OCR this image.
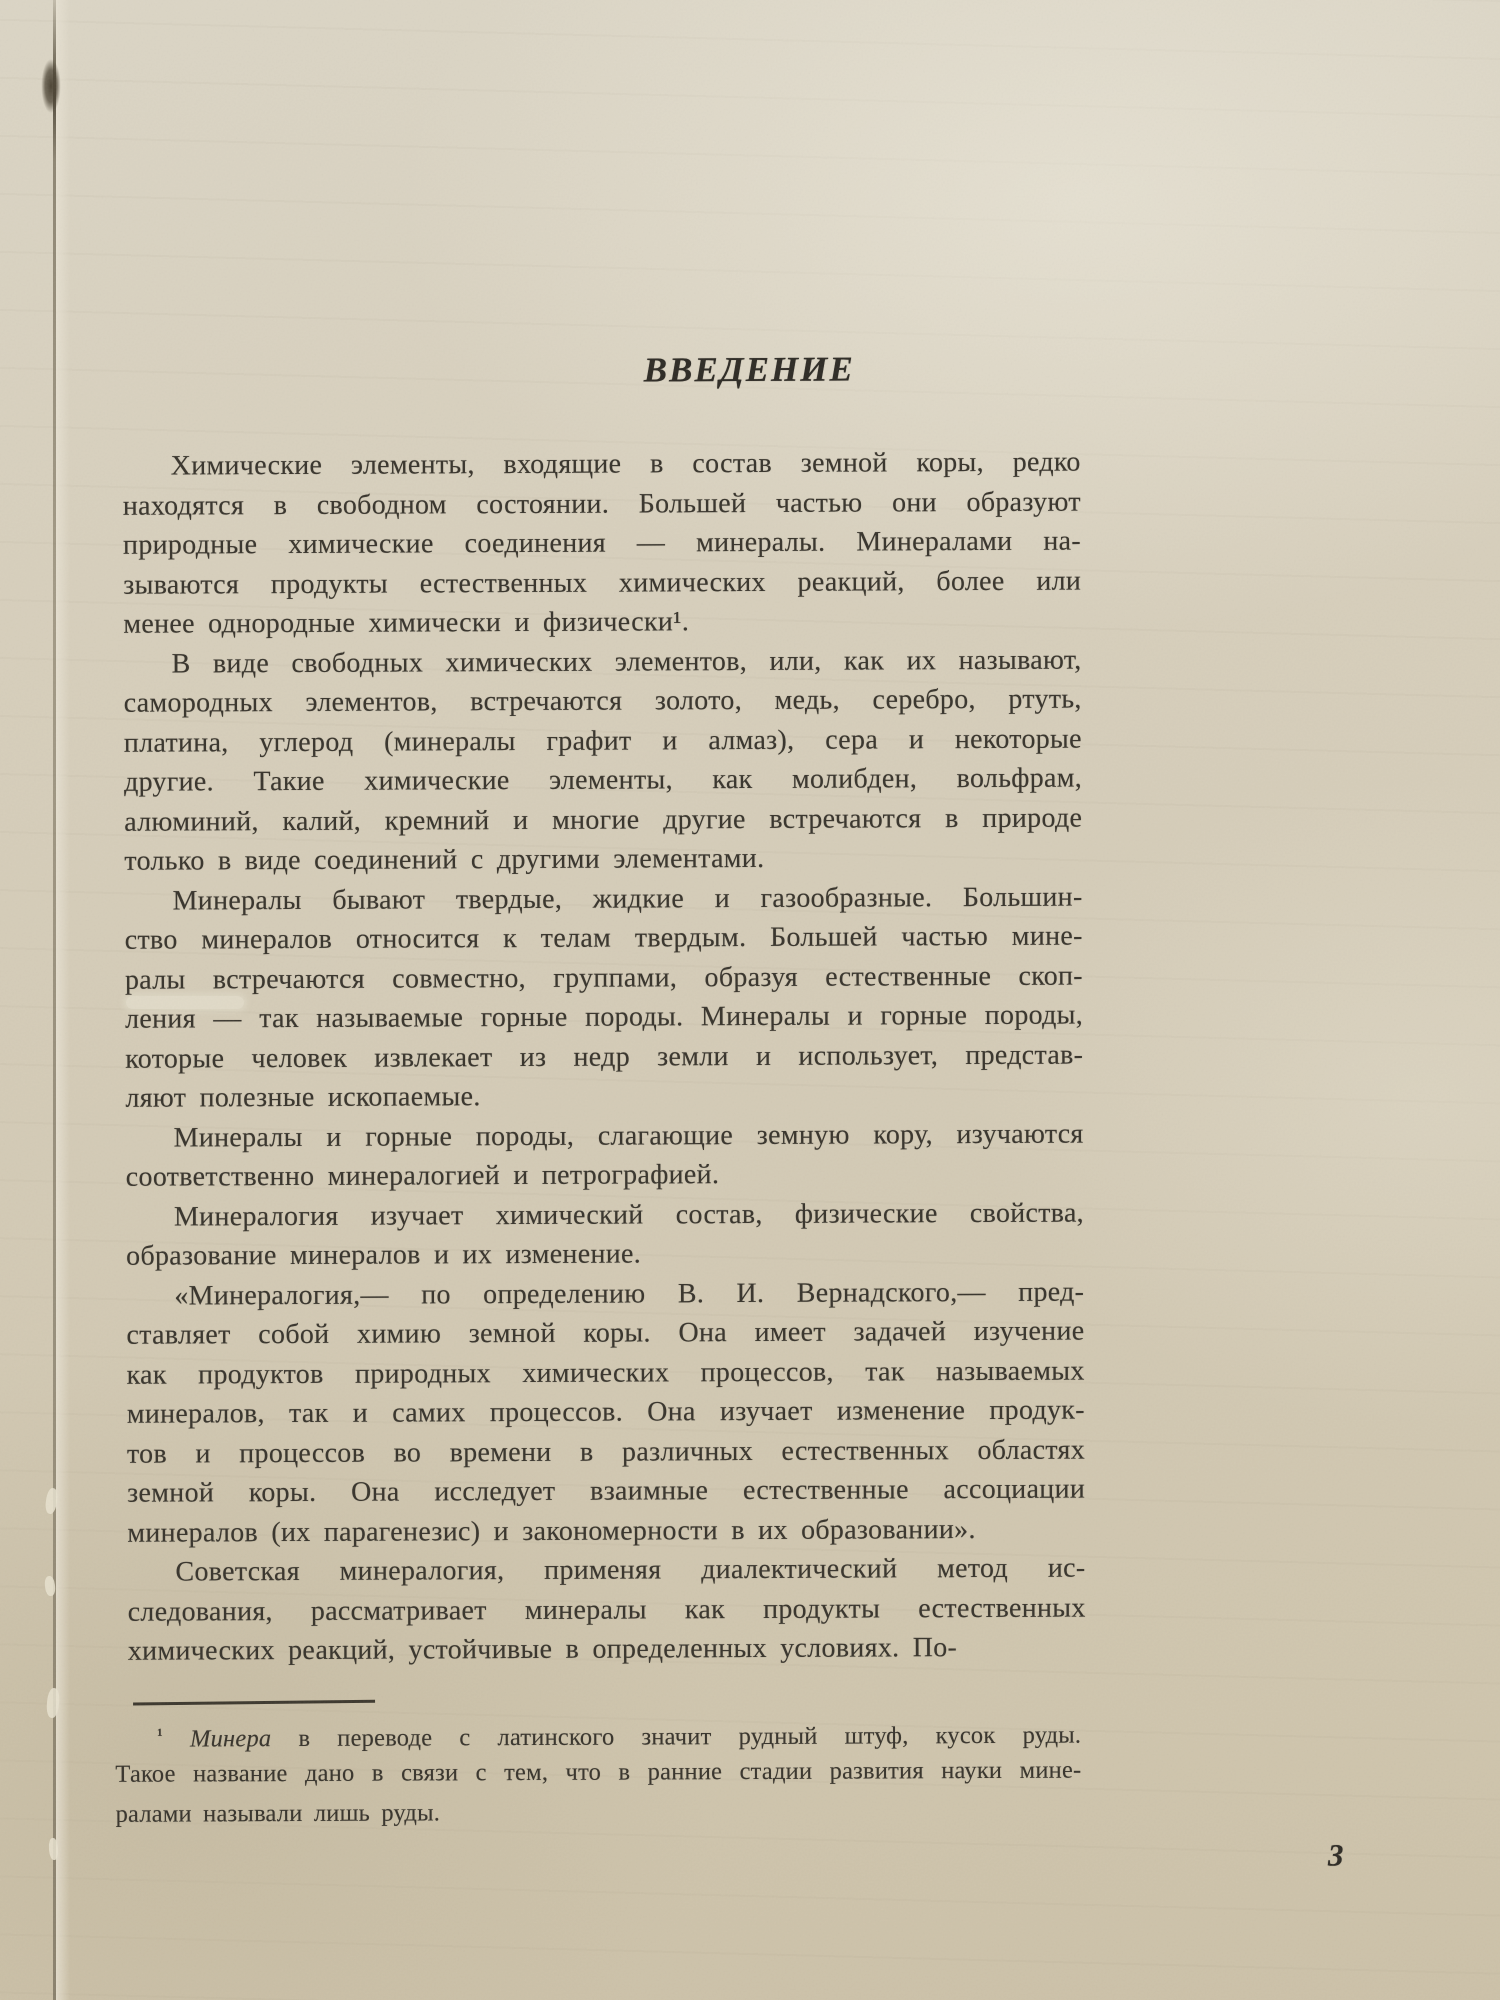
ВВЕДЕНИЕ
Химические элементы, входящие в состав земной коры, редко
находятся в свободном состоянии. Большей частью они образуют
природные химические соединения — минералы. Минералами на-
зываются продукты естественных химических реакций, более или
менее однородные химически и физически¹.
В виде свободных химических элементов, или, как их называют,
самородных элементов, встречаются золото, медь, серебро, ртуть,
платина, углерод (минералы графит и алмаз), сера и некоторые
другие. Такие химические элементы, как молибден, вольфрам,
алюминий, калий, кремний и многие другие встречаются в природе
только в виде соединений с другими элементами.
Минералы бывают твердые, жидкие и газообразные. Большин-
ство минералов относится к телам твердым. Большей частью мине-
ралы встречаются совместно, группами, образуя естественные скоп-
ления — так называемые горные породы. Минералы и горные породы,
которые человек извлекает из недр земли и использует, представ-
ляют полезные ископаемые.
Минералы и горные породы, слагающие земную кору, изучаются
соответственно минералогией и петрографией.
Минералогия изучает химический состав, физические свойства,
образование минералов и их изменение.
«Минералогия,— по определению В. И. Вернадского,— пред-
ставляет собой химию земной коры. Она имеет задачей изучение
как продуктов природных химических процессов, так называемых
минералов, так и самих процессов. Она изучает изменение продук-
тов и процессов во времени в различных естественных областях
земной коры. Она исследует взаимные естественные ассоциации
минералов (их парагенезис) и закономерности в их образовании».
Советская минералогия, применяя диалектический метод ис-
следования, рассматривает минералы как продукты естественных
химических реакций, устойчивые в определенных условиях. По-
$^{^1}$ Минера в переводе с латинского значит рудный штуф, кусок руды.
Такое название дано в связи с тем, что в ранние стадии развития науки мине-
ралами называли лишь руды.
3
